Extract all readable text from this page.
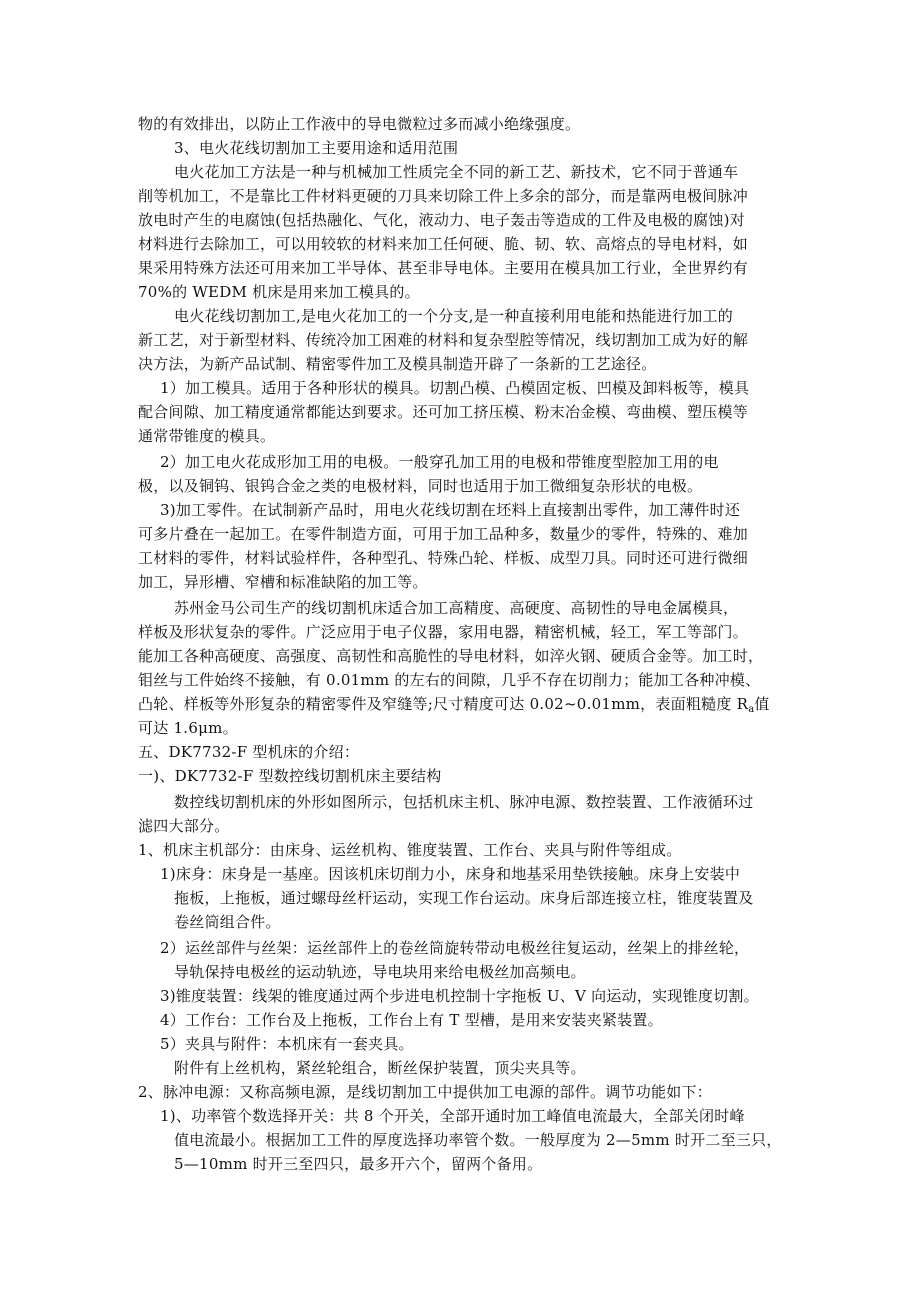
物的有效排出，以防止工作液中的导电微粒过多而减小绝缘强度。
3、电火花线切割加工主要用途和适用范围
电火花加工方法是一种与机械加工性质完全不同的新工艺、新技术，它不同于普通车
削等机加工，不是靠比工件材料更硬的刀具来切除工件上多余的部分，而是靠两电极间脉冲
放电时产生的电腐蚀(包括热融化、气化，液动力、电子轰击等造成的工件及电极的腐蚀)对
材料进行去除加工，可以用较软的材料来加工任何硬、脆、韧、软、高熔点的导电材料，如
果采用特殊方法还可用来加工半导体、甚至非导电体。主要用在模具加工行业，全世界约有
70%的 WEDM 机床是用来加工模具的。
电火花线切割加工,是电火花加工的一个分支,是一种直接利用电能和热能进行加工的
新工艺，对于新型材料、传统冷加工困难的材料和复杂型腔等情况，线切割加工成为好的解
决方法，为新产品试制、精密零件加工及模具制造开辟了一条新的工艺途径。
1）加工模具。适用于各种形状的模具。切割凸模、凸模固定板、凹模及卸料板等，模具
配合间隙、加工精度通常都能达到要求。还可加工挤压模、粉末冶金模、弯曲模、塑压模等
通常带锥度的模具。
2）加工电火花成形加工用的电极。一般穿孔加工用的电极和带锥度型腔加工用的电
极，以及铜钨、银钨合金之类的电极材料，同时也适用于加工微细复杂形状的电极。
3)加工零件。在试制新产品时，用电火花线切割在坯料上直接割出零件，加工薄件时还
可多片叠在一起加工。在零件制造方面，可用于加工品种多，数量少的零件，特殊的、难加
工材料的零件，材料试验样件，各种型孔、特殊凸轮、样板、成型刀具。同时还可进行微细
加工，异形槽、窄槽和标准缺陷的加工等。
苏州金马公司生产的线切割机床适合加工高精度、高硬度、高韧性的导电金属模具，
样板及形状复杂的零件。广泛应用于电子仪器，家用电器，精密机械，轻工，军工等部门。
能加工各种高硬度、高强度、高韧性和高脆性的导电材料，如淬火钢、硬质合金等。加工时，
钼丝与工件始终不接触，有 0.01mm 的左右的间隙，几乎不存在切削力；能加工各种冲模、
凸轮、样板等外形复杂的精密零件及窄缝等;尺寸精度可达 0.02~0.01mm，表面粗糙度 $R_a$值
可达 1.6μm。
五、DK7732-F 型机床的介绍：
一)、DK7732-F 型数控线切割机床主要结构
数控线切割机床的外形如图所示，包括机床主机、脉冲电源、数控装置、工作液循环过
滤四大部分。
1、机床主机部分：由床身、运丝机构、锥度装置、工作台、夹具与附件等组成。
1)床身：床身是一基座。因该机床切削力小，床身和地基采用垫铁接触。床身上安装中
拖板，上拖板，通过螺母丝杆运动，实现工作台运动。床身后部连接立柱，锥度装置及
卷丝筒组合件。
2）运丝部件与丝架：运丝部件上的卷丝筒旋转带动电极丝往复运动，丝架上的排丝轮，
导轨保持电极丝的运动轨迹，导电块用来给电极丝加高频电。
3)锥度装置：线架的锥度通过两个步进电机控制十字拖板 U、V 向运动，实现锥度切割。
4）工作台：工作台及上拖板，工作台上有 T 型槽，是用来安装夹紧装置。
5）夹具与附件：本机床有一套夹具。
附件有上丝机构，紧丝轮组合，断丝保护装置，顶尖夹具等。
2、脉冲电源：又称高频电源，是线切割加工中提供加工电源的部件。调节功能如下：
1)、功率管个数选择开关：共 8 个开关，全部开通时加工峰值电流最大，全部关闭时峰
值电流最小。根据加工工件的厚度选择功率管个数。一般厚度为 2—5mm 时开二至三只，
5—10mm 时开三至四只，最多开六个，留两个备用。
